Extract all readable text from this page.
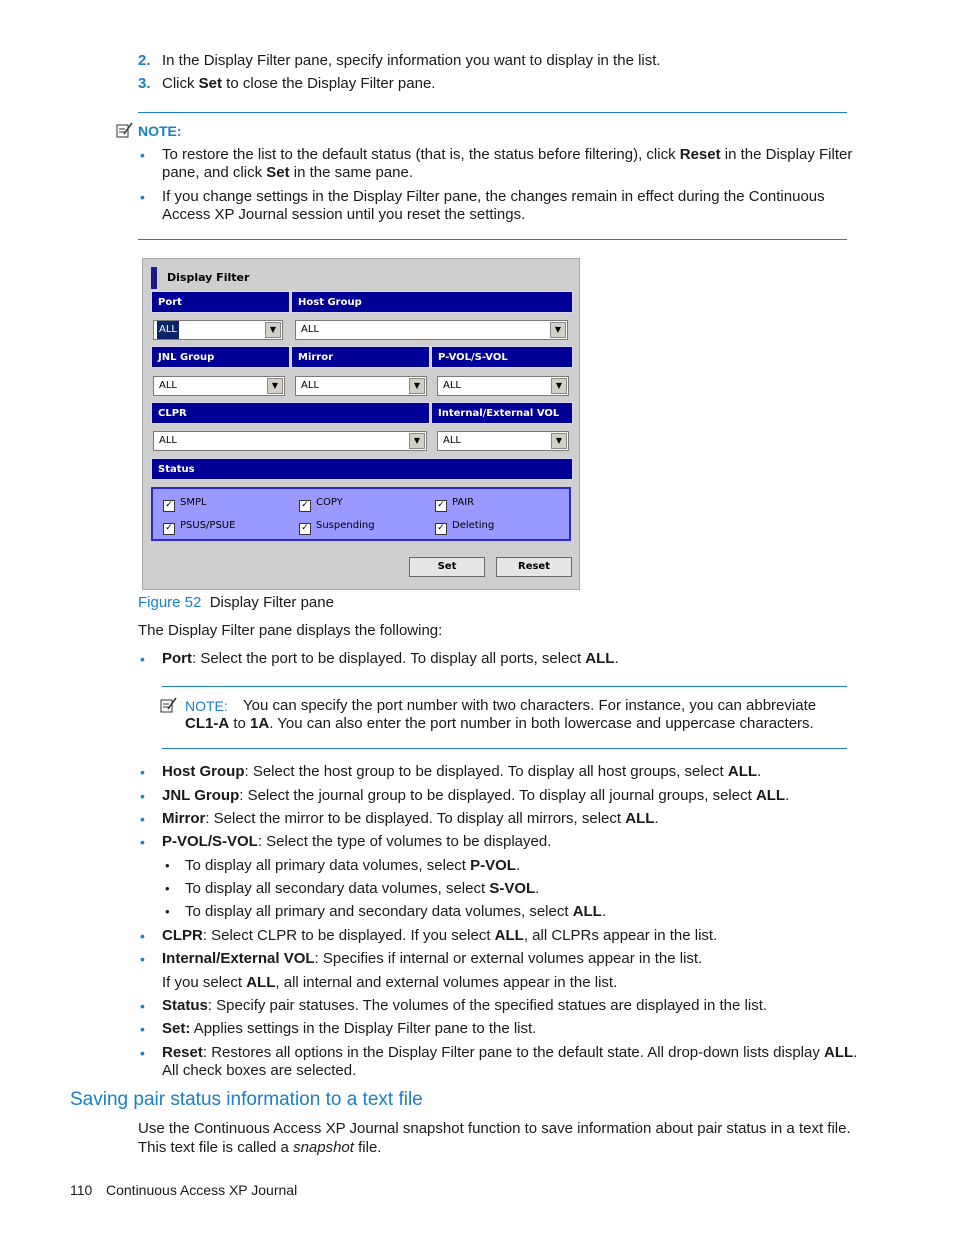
2. In the Display Filter pane, specify information you want to display in the list.
3. Click Set to close the Display Filter pane.
NOTE:
• To restore the list to the default status (that is, the status before filtering), click Reset in the Display Filter
pane, and click Set in the same pane.
• If you change settings in the Display Filter pane, the changes remain in effect during the Continuous
Access XP Journal session until you reset the settings.
Display Filter
Port	Host Group
ALL	▼	ALL	▼
JNL Group	Mirror	P-VOL/S-VOL
ALL	▼	ALL	▼	ALL	▼
CLPR	Internal/External VOL
ALL	▼	ALL	▼
Status
✓ SMPL	✓ COPY	✓ PAIR
✓ PSUS/PSUE	✓ Suspending	✓ Deleting
Set	Reset
Figure 52 Display Filter pane
The Display Filter pane displays the following:
• Port: Select the port to be displayed. To display all ports, select ALL.
NOTE: You can specify the port number with two characters. For instance, you can abbreviate
CL1-A to 1A. You can also enter the port number in both lowercase and uppercase characters.
• Host Group: Select the host group to be displayed. To display all host groups, select ALL.
• JNL Group: Select the journal group to be displayed. To display all journal groups, select ALL.
• Mirror: Select the mirror to be displayed. To display all mirrors, select ALL.
• P-VOL/S-VOL: Select the type of volumes to be displayed.
• To display all primary data volumes, select P-VOL.
• To display all secondary data volumes, select S-VOL.
• To display all primary and secondary data volumes, select ALL.
• CLPR: Select CLPR to be displayed. If you select ALL, all CLPRs appear in the list.
• Internal/External VOL: Specifies if internal or external volumes appear in the list.
If you select ALL, all internal and external volumes appear in the list.
• Status: Specify pair statuses. The volumes of the specified statues are displayed in the list.
• Set: Applies settings in the Display Filter pane to the list.
• Reset: Restores all options in the Display Filter pane to the default state. All drop-down lists display ALL.
All check boxes are selected.
Saving pair status information to a text file
Use the Continuous Access XP Journal snapshot function to save information about pair status in a text file.
This text file is called a snapshot file.
110 Continuous Access XP Journal
